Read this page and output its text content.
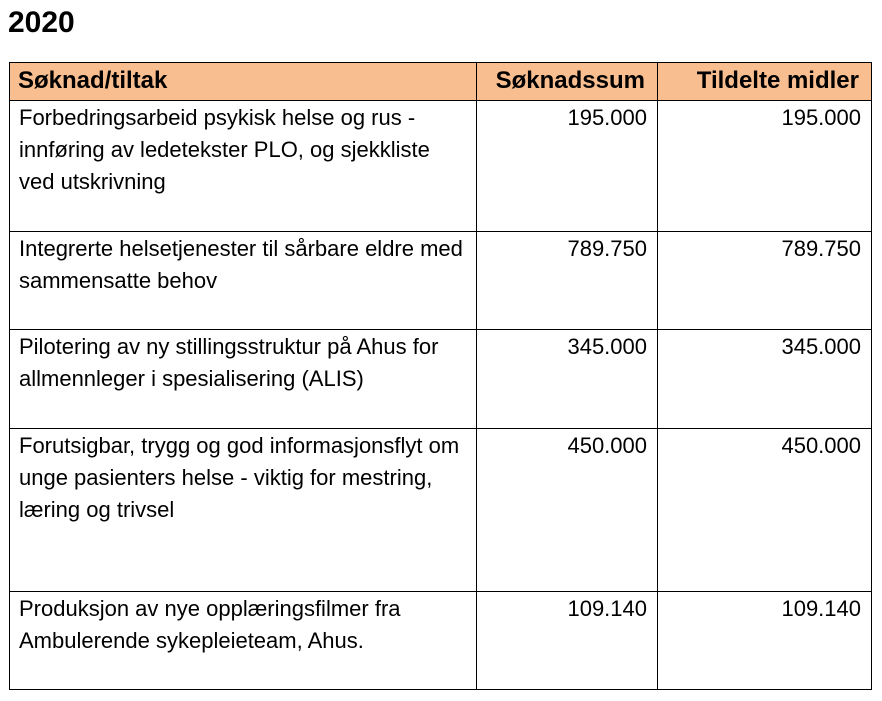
2020
Søknad/tiltak	Søknadssum	Tildelte midler
Forbedringsarbeid psykisk helse og rus - innføring av ledetekster PLO, og sjekkliste ved utskrivning	195.000	195.000
Integrerte helsetjenester til sårbare eldre med sammensatte behov	789.750	789.750
Pilotering av ny stillingsstruktur på Ahus for allmennleger i spesialisering (ALIS)	345.000	345.000
Forutsigbar, trygg og god informasjonsflyt om unge pasienters helse - viktig for mestring, læring og trivsel	450.000	450.000
Produksjon av nye opplæringsfilmer fra Ambulerende sykepleieteam, Ahus.	109.140	109.140
